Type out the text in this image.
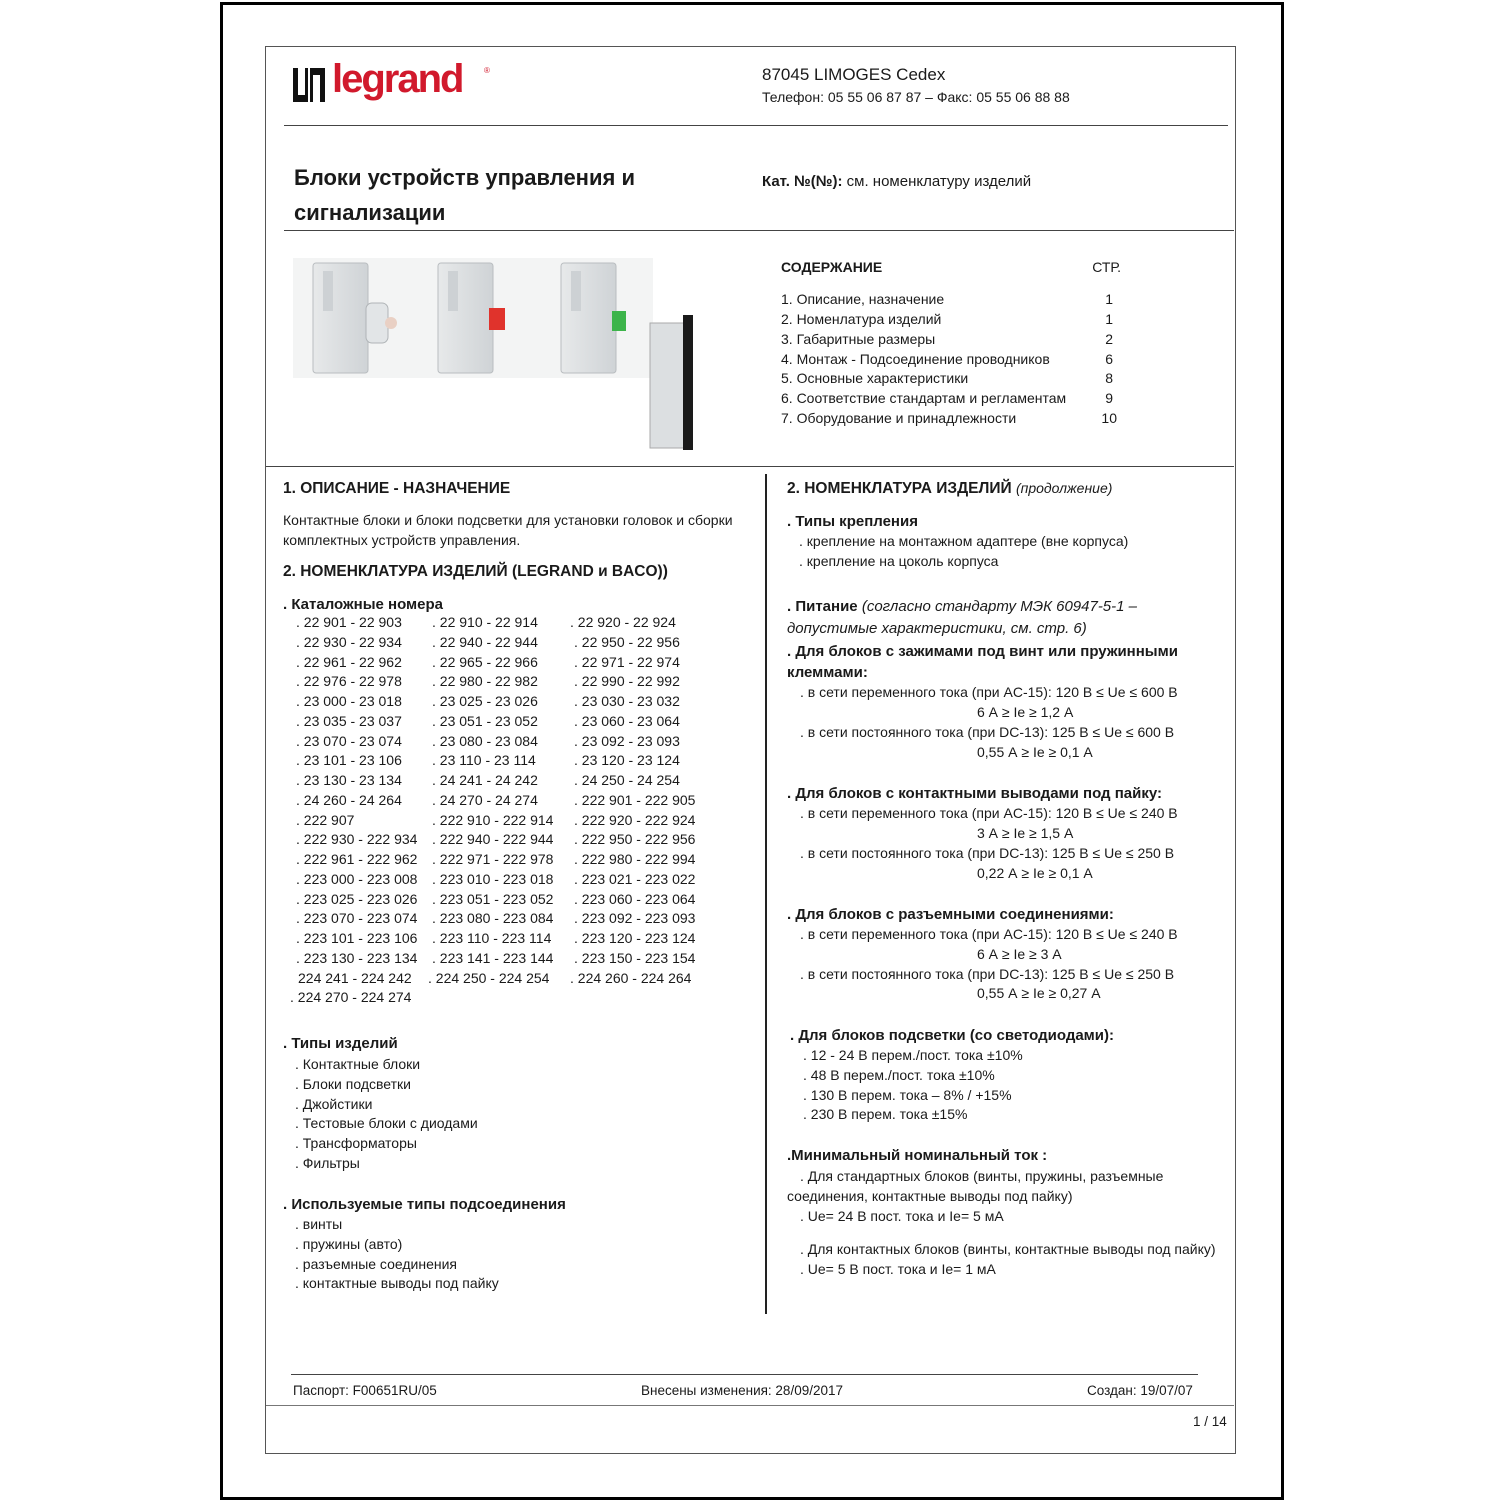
legrand	®	87045 LIMOGES Cedex
Телефон: 05 55 06 87 87 – Факс: 05 55 06 88 88
Блоки устройств управления и
сигнализации
Кат. №(№): см. номенклатуру изделий
СОДЕРЖАНИЕ	СТР.
1. Описание, назначение	1
2. Номенлатура изделий	1
3. Габаритные размеры	2
4. Монтаж - Подсоединение проводников	6
5. Основные характеристики	8
6. Соответствие стандартам и регламентам	9
7. Оборудование и принадлежности	10
1. ОПИСАНИЕ - НАЗНАЧЕНИЕ
Контактные блоки и блоки подсветки для установки головок и сборки
комплектных устройств управления.
2. НОМЕНКЛАТУРА ИЗДЕЛИЙ (LEGRAND и BACO))
. Каталожные номера
. 22 901 - 22 903 . 22 910 - 22 914 . 22 920 - 22 924
. 22 930 - 22 934 . 22 940 - 22 944	. 22 950 - 22 956
. 22 961 - 22 962 . 22 965 - 22 966	. 22 971 - 22 974
. 22 976 - 22 978 . 22 980 - 22 982	. 22 990 - 22 992
. 23 000 - 23 018 . 23 025 - 23 026	. 23 030 - 23 032
. 23 035 - 23 037 . 23 051 - 23 052	. 23 060 - 23 064
. 23 070 - 23 074 . 23 080 - 23 084	. 23 092 - 23 093
. 23 101 - 23 106 . 23 110 - 23 114	. 23 120 - 23 124
. 23 130 - 23 134 . 24 241 - 24 242	. 24 250 - 24 254
. 24 260 - 24 264 . 24 270 - 24 274	. 222 901 - 222 905
. 222 907	. 222 910 - 222 914 . 222 920 - 222 924
. 222 930 - 222 934 . 222 940 - 222 944 . 222 950 - 222 956
. 222 961 - 222 962 . 222 971 - 222 978 . 222 980 - 222 994
. 223 000 - 223 008 . 223 010 - 223 018 . 223 021 - 223 022
. 223 025 - 223 026 . 223 051 - 223 052 . 223 060 - 223 064
. 223 070 - 223 074 . 223 080 - 223 084 . 223 092 - 223 093
. 223 101 - 223 106 . 223 110 - 223 114 . 223 120 - 223 124
. 223 130 - 223 134 . 223 141 - 223 144 . 223 150 - 223 154
224 241 - 224 242 . 224 250 - 224 254 . 224 260 - 224 264
. 224 270 - 224 274
. Типы изделий
. Контактные блоки
. Блоки подсветки
. Джойстики
. Тестовые блоки с диодами
. Трансформаторы
. Фильтры
. Используемые типы подсоединения
. винты
. пружины (авто)
. разъемные соединения
. контактные выводы под пайку
2. НОМЕНКЛАТУРА ИЗДЕЛИЙ (продолжение)
. Типы крепления
. крепление на монтажном адаптере (вне корпуса)
. крепление на цоколь корпуса
. Питание (согласно стандарту МЭК 60947-5-1 –
допустимые характеристики, см. стр. 6)
. Для блоков с зажимами под винт или пружинными
клеммами:
. в сети переменного тока (при AC-15): 120 В ≤ Ue ≤ 600 В
6 А ≥ Ie ≥ 1,2 А
. в сети постоянного тока (при DC-13): 125 В ≤ Ue ≤ 600 В
0,55 А ≥ Ie ≥ 0,1 А
. Для блоков с контактными выводами под пайку:
. в сети переменного тока (при AC-15): 120 В ≤ Ue ≤ 240 В
3 А ≥ Ie ≥ 1,5 А
. в сети постоянного тока (при DC-13): 125 В ≤ Ue ≤ 250 В
0,22 А ≥ Ie ≥ 0,1 А
. Для блоков с разъемными соединениями:
. в сети переменного тока (при AC-15): 120 В ≤ Ue ≤ 240 В
6 А ≥ Ie ≥ 3 А
. в сети постоянного тока (при DC-13): 125 В ≤ Ue ≤ 250 В
0,55 А ≥ Ie ≥ 0,27 А
. Для блоков подсветки (со светодиодами):
. 12 - 24 В перем./пост. тока ±10%
. 48 В перем./пост. тока ±10%
. 130 В перем. тока – 8% / +15%
. 230 В перем. тока ±15%
.Минимальный номинальный ток :
. Для стандартных блоков (винты, пружины, разъемные
соединения, контактные выводы под пайку)
. Ue= 24 В пост. тока и Ie= 5 мА
. Для контактных блоков (винты, контактные выводы под пайку)
. Ue= 5 В пост. тока и Ie= 1 мА
Паспорт: F00651RU/05	Внесены изменения: 28/09/2017	Создан: 19/07/07
1 / 14
